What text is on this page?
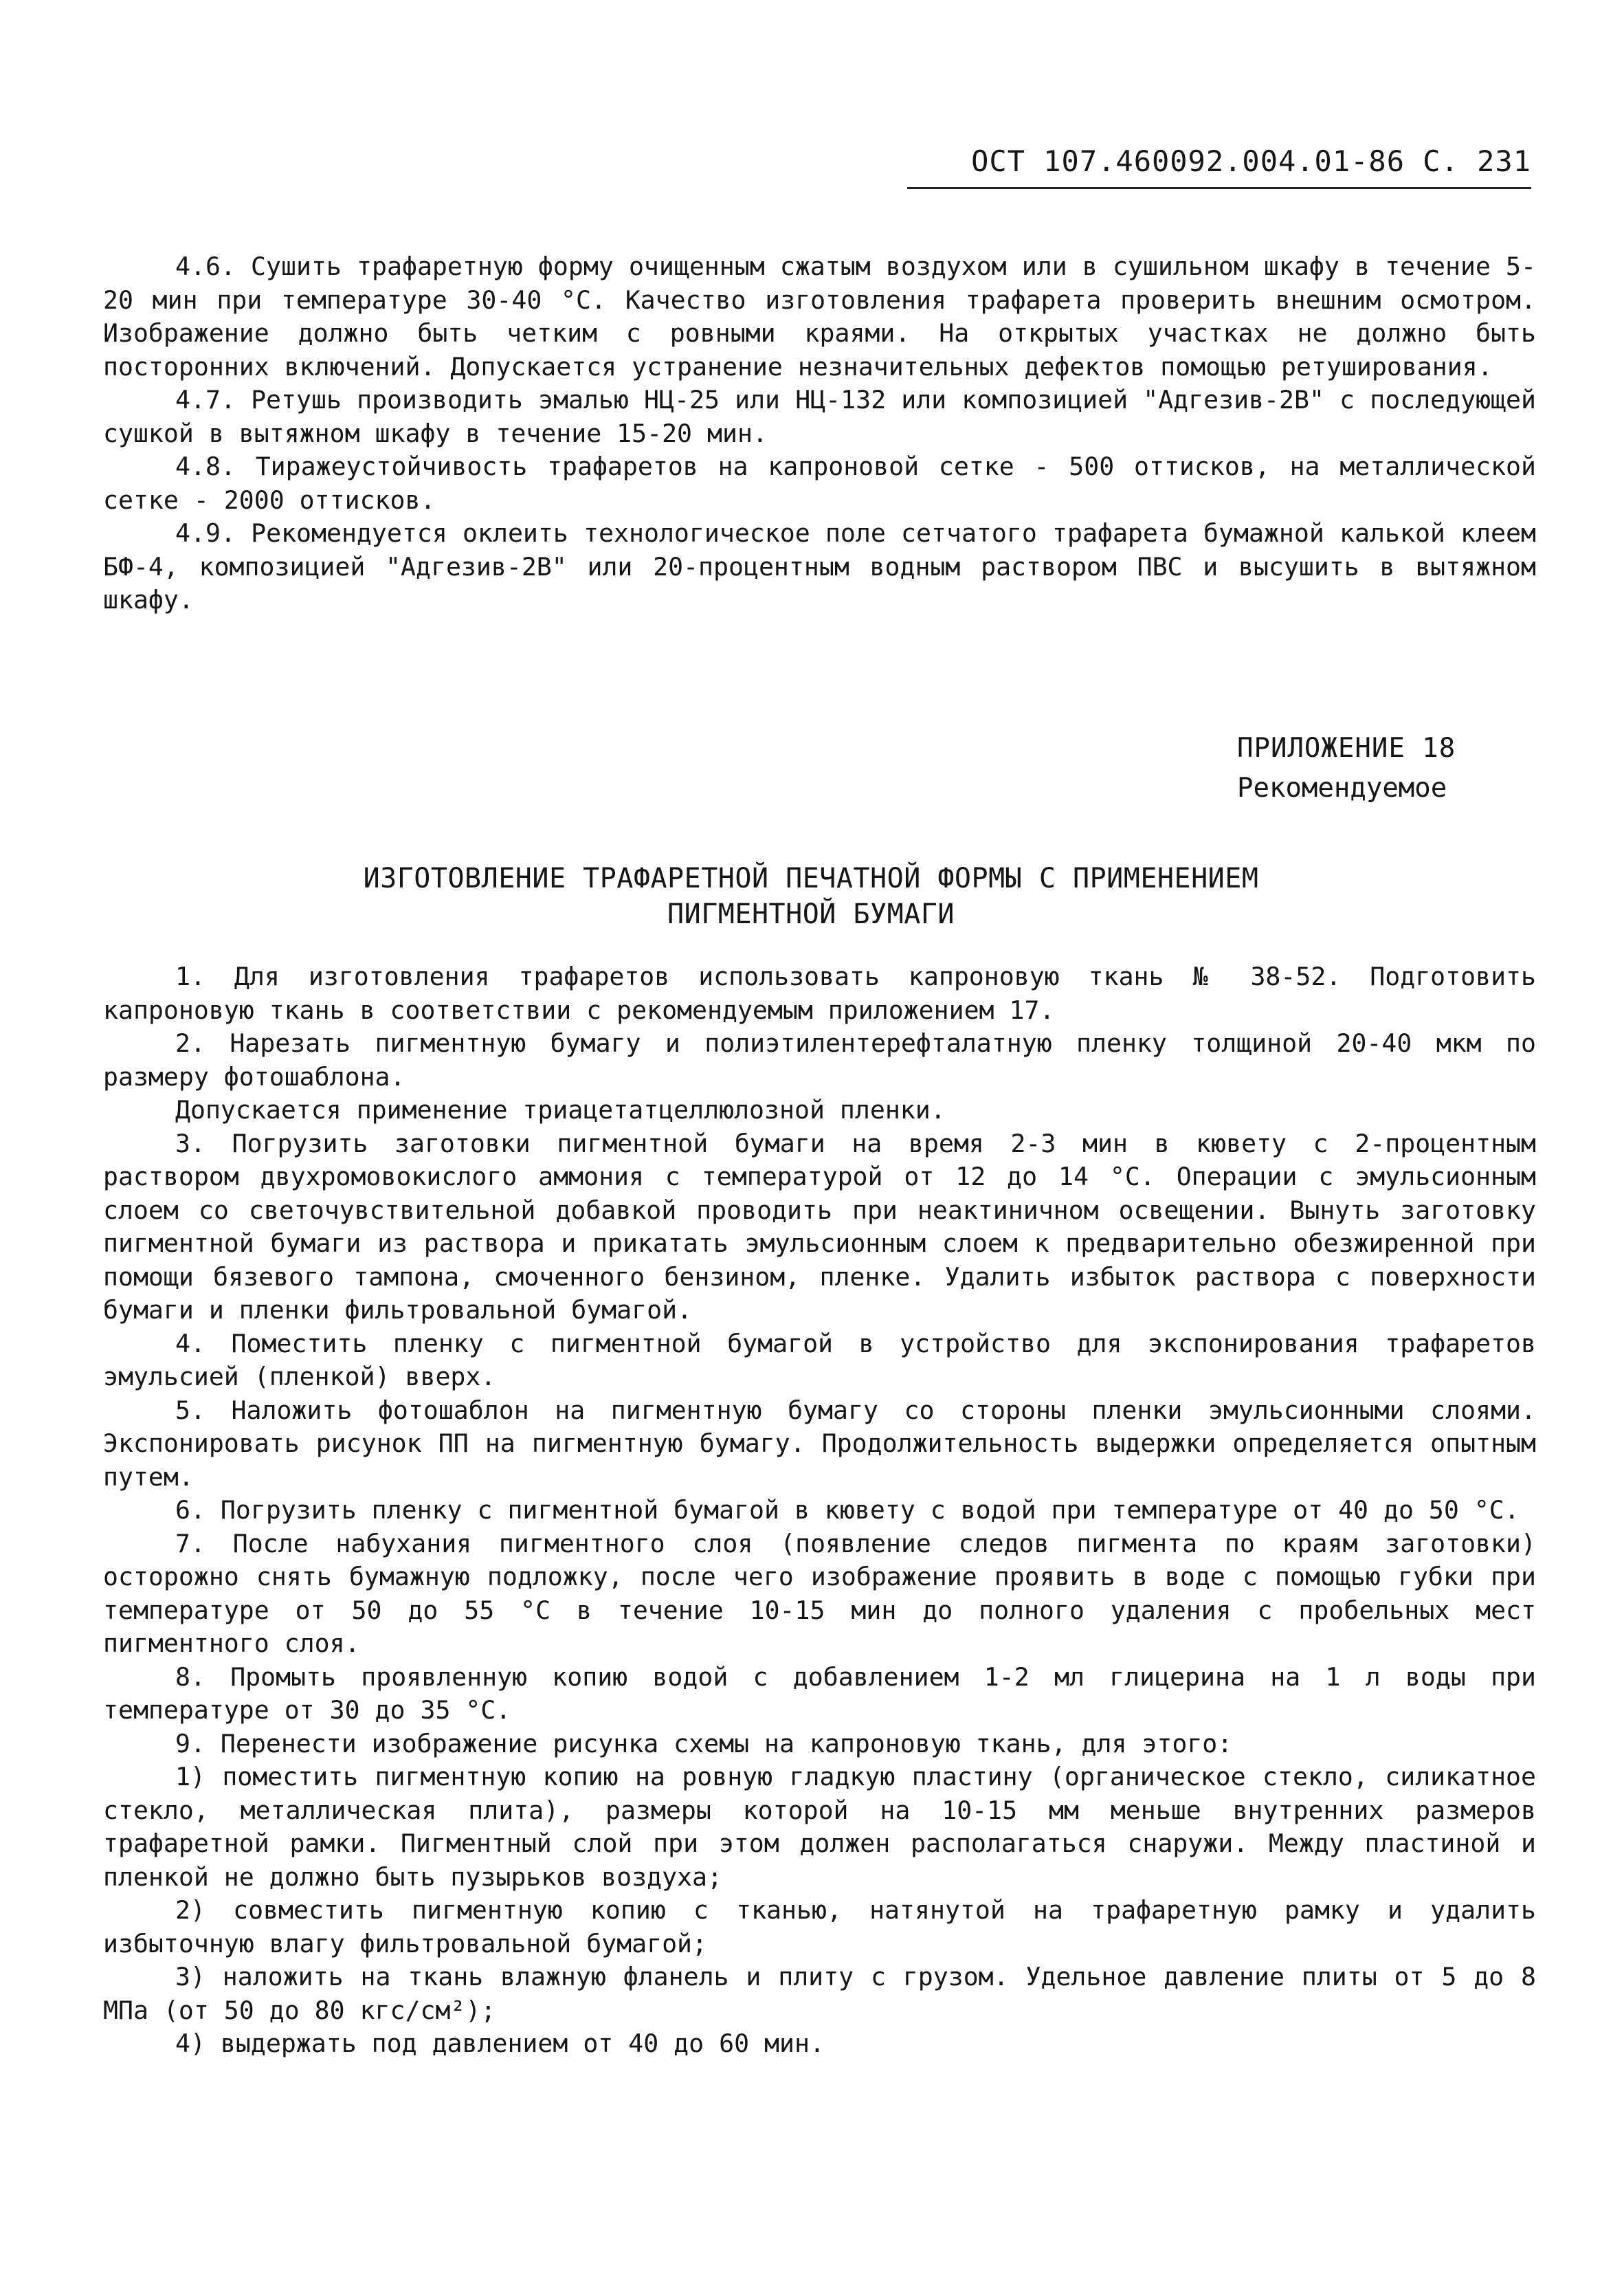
ОСТ 107.460092.004.01-86 С. 231

4.6. Сушить трафаретную форму очищенным сжатым воздухом или в сушильном шкафу в течение 5-20 мин при температуре 30-40 °С. Качество изготовления трафарета проверить внешним осмотром. Изображение должно быть четким с ровными краями. На открытых участках не должно быть посторонних включений. Допускается устранение незначительных дефектов помощью ретуширования.

4.7. Ретушь производить эмалью НЦ-25 или НЦ-132 или композицией "Адгезив-2В" с последующей сушкой в вытяжном шкафу в течение 15-20 мин.

4.8. Тиражеустойчивость трафаретов на капроновой сетке - 500 оттисков, на металлической сетке - 2000 оттисков.

4.9. Рекомендуется оклеить технологическое поле сетчатого трафарета бумажной калькой клеем БФ-4, композицией "Адгезив-2В" или 20-процентным водным раствором ПВС и высушить в вытяжном шкафу.

ПРИЛОЖЕНИЕ 18
Рекомендуемое
ИЗГОТОВЛЕНИЕ ТРАФАРЕТНОЙ ПЕЧАТНОЙ ФОРМЫ С ПРИМЕНЕНИЕМ
ПИГМЕНТНОЙ БУМАГИ

1. Для изготовления трафаретов использовать капроновую ткань № 38-52. Подготовить капроновую ткань в соответствии с рекомендуемым приложением 17.

2. Нарезать пигментную бумагу и полиэтилентерефталатную пленку толщиной 20-40 мкм по размеру фотошаблона.

Допускается применение триацетатцеллюлозной пленки.

3. Погрузить заготовки пигментной бумаги на время 2-3 мин в кювету с 2-процентным раствором двухромовокислого аммония с температурой от 12 до 14 °С. Операции с эмульсионным слоем со светочувствительной добавкой проводить при неактиничном освещении. Вынуть заготовку пигментной бумаги из раствора и прикатать эмульсионным слоем к предварительно обезжиренной при помощи бязевого тампона, смоченного бензином, пленке. Удалить избыток раствора с поверхности бумаги и пленки фильтровальной бумагой.

4. Поместить пленку с пигментной бумагой в устройство для экспонирования трафаретов эмульсией (пленкой) вверх.

5. Наложить фотошаблон на пигментную бумагу со стороны пленки эмульсионными слоями. Экспонировать рисунок ПП на пигментную бумагу. Продолжительность выдержки определяется опытным путем.

6. Погрузить пленку с пигментной бумагой в кювету с водой при температуре от 40 до 50 °С.

7. После набухания пигментного слоя (появление следов пигмента по краям заготовки) осторожно снять бумажную подложку, после чего изображение проявить в воде с помощью губки при температуре от 50 до 55 °С в течение 10-15 мин до полного удаления с пробельных мест пигментного слоя.

8. Промыть проявленную копию водой с добавлением 1-2 мл глицерина на 1 л воды при температуре от 30 до 35 °С.

9. Перенести изображение рисунка схемы на капроновую ткань, для этого:

1) поместить пигментную копию на ровную гладкую пластину (органическое стекло, силикатное стекло, металлическая плита), размеры которой на 10-15 мм меньше внутренних размеров трафаретной рамки. Пигментный слой при этом должен располагаться снаружи. Между пластиной и пленкой не должно быть пузырьков воздуха;

2) совместить пигментную копию с тканью, натянутой на трафаретную рамку и удалить избыточную влагу фильтровальной бумагой;

3) наложить на ткань влажную фланель и плиту с грузом. Удельное давление плиты от 5 до 8 МПа (от 50 до 80 кгс/см²);

4) выдержать под давлением от 40 до 60 мин.
